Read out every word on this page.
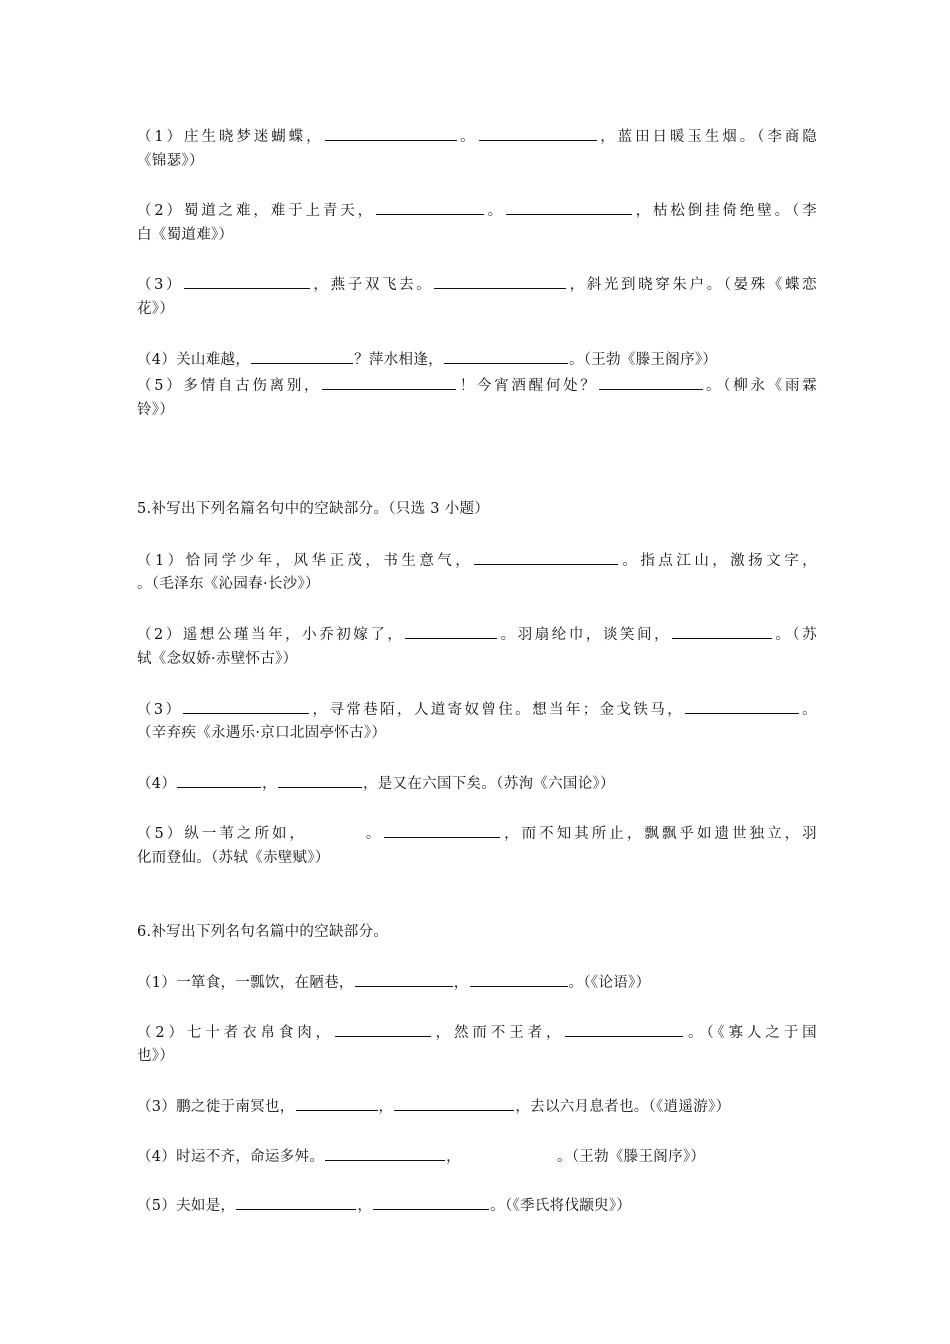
（1）庄生晓梦迷蝴蝶，	。	，蓝田日暖玉生烟。（李商隐
《锦瑟》）
（2）蜀道之难，难于上青天，	。	，枯松倒挂倚绝壁。（李
白《蜀道难》）
（3）	，燕子双飞去。	，斜光到晓穿朱户。（晏殊《蝶恋
花》）
（4）关山难越，	？萍水相逢，	。（王勃《滕王阁序》）
（5）多情自古伤离别，	！今宵酒醒何处？	。（柳永《雨霖
铃》）
5.补写出下列名篇名句中的空缺部分。（只选 3 小题）
（1）恰同学少年，风华正茂，书生意气，	。指点江山，激扬文字，
。（毛泽东《沁园春·长沙》）
（2）遥想公瑾当年，小乔初嫁了，	。羽扇纶巾，谈笑间，	。（苏
轼《念奴娇·赤壁怀古》）
（3）	，寻常巷陌，人道寄奴曾住。想当年；金戈铁马，	。
（辛弃疾《永遇乐·京口北固亭怀古》）
（4）	，	，是又在六国下矣。（苏洵《六国论》）
（5）纵一苇之所如，	。	，而不知其所止，飘飘乎如遗世独立，羽
化而登仙。（苏轼《赤壁赋》）
6.补写出下列名句名篇中的空缺部分。
（1）一箪食，一瓢饮，在陋巷，	，	。（《论语》）
（2）七十者衣帛食肉，	，然而不王者，	。（《寡人之于国
也》）
（3）鹏之徙于南冥也，	，	，去以六月息者也。（《逍遥游》）
（4）时运不齐，命运多舛。	，	。（王勃《滕王阁序》）
（5）夫如是，	，	。（《季氏将伐颛臾》）
